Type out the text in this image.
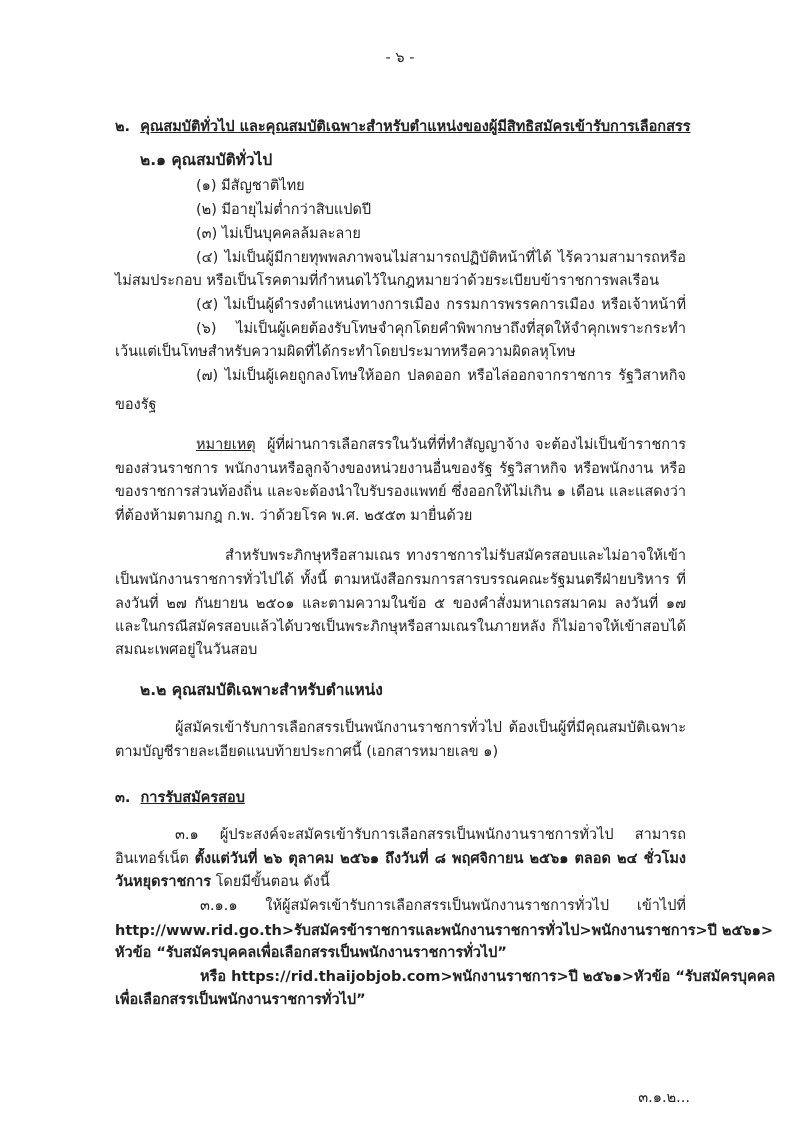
- ๖ -
๒. คุณสมบัติทั่วไป และคุณสมบัติเฉพาะสำหรับตำแหน่งของผู้มีสิทธิสมัครเข้ารับการเลือกสรร
๒.๑ คุณสมบัติทั่วไป
(๑) มีสัญชาติไทย
(๒) มีอายุไม่ต่ำกว่าสิบแปดปี
(๓) ไม่เป็นบุคคลล้มละลาย
(๔) ไม่เป็นผู้มีกายทุพพลภาพจนไม่สามารถปฏิบัติหน้าที่ได้ ไร้ความสามารถหรือ
ไม่สมประกอบ หรือเป็นโรคตามที่กำหนดไว้ในกฎหมายว่าด้วยระเบียบข้าราชการพลเรือน
(๕) ไม่เป็นผู้ดำรงตำแหน่งทางการเมือง กรรมการพรรคการเมือง หรือเจ้าหน้าที่
(๖) ไม่เป็นผู้เคยต้องรับโทษจำคุกโดยคำพิพากษาถึงที่สุดให้จำคุกเพราะกระทำ
เว้นแต่เป็นโทษสำหรับความผิดที่ได้กระทำโดยประมาทหรือความผิดลหุโทษ
(๗) ไม่เป็นผู้เคยถูกลงโทษให้ออก ปลดออก หรือไล่ออกจากราชการ รัฐวิสาหกิจ
ของรัฐ
หมายเหตุ ผู้ที่ผ่านการเลือกสรรในวันที่ที่ทำสัญญาจ้าง จะต้องไม่เป็นข้าราชการ
ของส่วนราชการ พนักงานหรือลูกจ้างของหน่วยงานอื่นของรัฐ รัฐวิสาหกิจ หรือพนักงาน หรือ
ของราชการส่วนท้องถิ่น และจะต้องนำใบรับรองแพทย์ ซึ่งออกให้ไม่เกิน ๑ เดือน และแสดงว่า
ที่ต้องห้ามตามกฎ ก.พ. ว่าด้วยโรค พ.ศ. ๒๕๕๓ มายื่นด้วย
สำหรับพระภิกษุหรือสามเณร ทางราชการไม่รับสมัครสอบและไม่อาจให้เข้า
เป็นพนักงานราชการทั่วไปได้ ทั้งนี้ ตามหนังสือกรมการสารบรรณคณะรัฐมนตรีฝ่ายบริหาร ที่
ลงวันที่ ๒๗ กันยายน ๒๕๐๑ และตามความในข้อ ๕ ของคำสั่งมหาเถรสมาคม ลงวันที่ ๑๗
และในกรณีสมัครสอบแล้วได้บวชเป็นพระภิกษุหรือสามเณรในภายหลัง ก็ไม่อาจให้เข้าสอบได้
สมณะเพศอยู่ในวันสอบ
๒.๒ คุณสมบัติเฉพาะสำหรับตำแหน่ง
ผู้สมัครเข้ารับการเลือกสรรเป็นพนักงานราชการทั่วไป ต้องเป็นผู้ที่มีคุณสมบัติเฉพาะ
ตามบัญชีรายละเอียดแนบท้ายประกาศนี้ (เอกสารหมายเลข ๑)
๓. การรับสมัครสอบ
๓.๑ ผู้ประสงค์จะสมัครเข้ารับการเลือกสรรเป็นพนักงานราชการทั่วไป สามารถ
อินเทอร์เน็ต ตั้งแต่วันที่ ๒๖ ตุลาคม ๒๕๖๑ ถึงวันที่ ๘ พฤศจิกายน ๒๕๖๑ ตลอด ๒๔ ชั่วโมง
วันหยุดราชการ โดยมีขั้นตอน ดังนี้
๓.๑.๑ ให้ผู้สมัครเข้ารับการเลือกสรรเป็นพนักงานราชการทั่วไป เข้าไปที่
http://www.rid.go.th>รับสมัครข้าราชการและพนักงานราชการทั่วไป>พนักงานราชการ>ปี ๒๕๖๑>
หัวข้อ “รับสมัครบุคคลเพื่อเลือกสรรเป็นพนักงานราชการทั่วไป”
หรือ https://rid.thaijobjob.com>พนักงานราชการ>ปี ๒๕๖๑>หัวข้อ “รับสมัครบุคคล
เพื่อเลือกสรรเป็นพนักงานราชการทั่วไป”
๓.๑.๒...
